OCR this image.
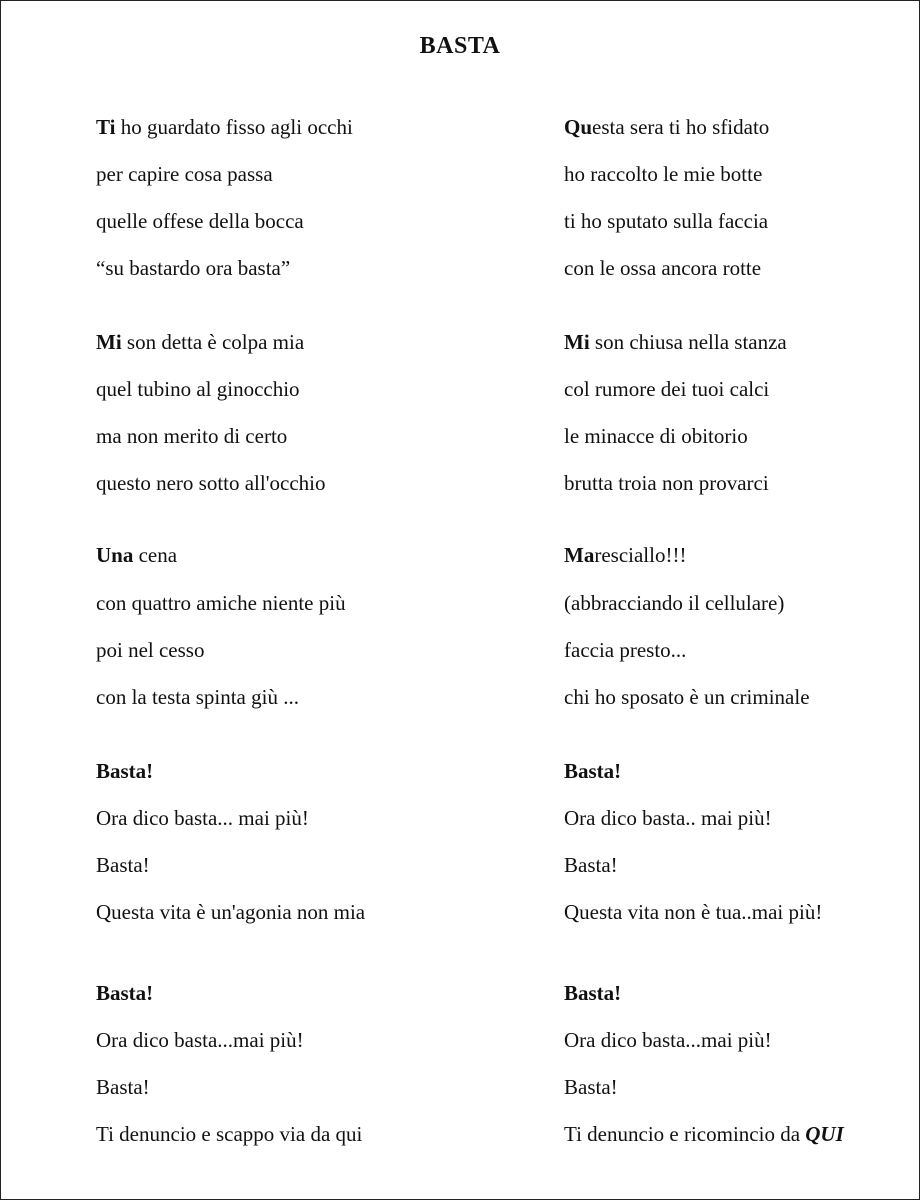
BASTA
Ti ho guardato fisso agli occhi
per capire cosa passa
quelle offese della bocca
“su bastardo ora basta”
Mi son detta è colpa mia
quel tubino al ginocchio
ma non merito di certo
questo nero sotto all'occhio
Una cena
con quattro amiche niente più
poi nel cesso
con la testa spinta giù ...
Basta!
Ora dico basta... mai più!
Basta!
Questa vita è un'agonia non mia
Basta!
Ora dico basta...mai più!
Basta!
Ti denuncio e scappo via da qui
Questa sera ti ho sfidato
ho raccolto le mie botte
ti ho sputato sulla faccia
con le ossa ancora rotte
Mi son chiusa nella stanza
col rumore dei tuoi calci
le minacce di obitorio
brutta troia non provarci
Maresciallo!!!
(abbracciando il cellulare)
faccia presto...
chi ho sposato è un criminale
Basta!
Ora dico basta.. mai più!
Basta!
Questa vita non è tua..mai più!
Basta!
Ora dico basta...mai più!
Basta!
Ti denuncio e ricomincio da QUI
